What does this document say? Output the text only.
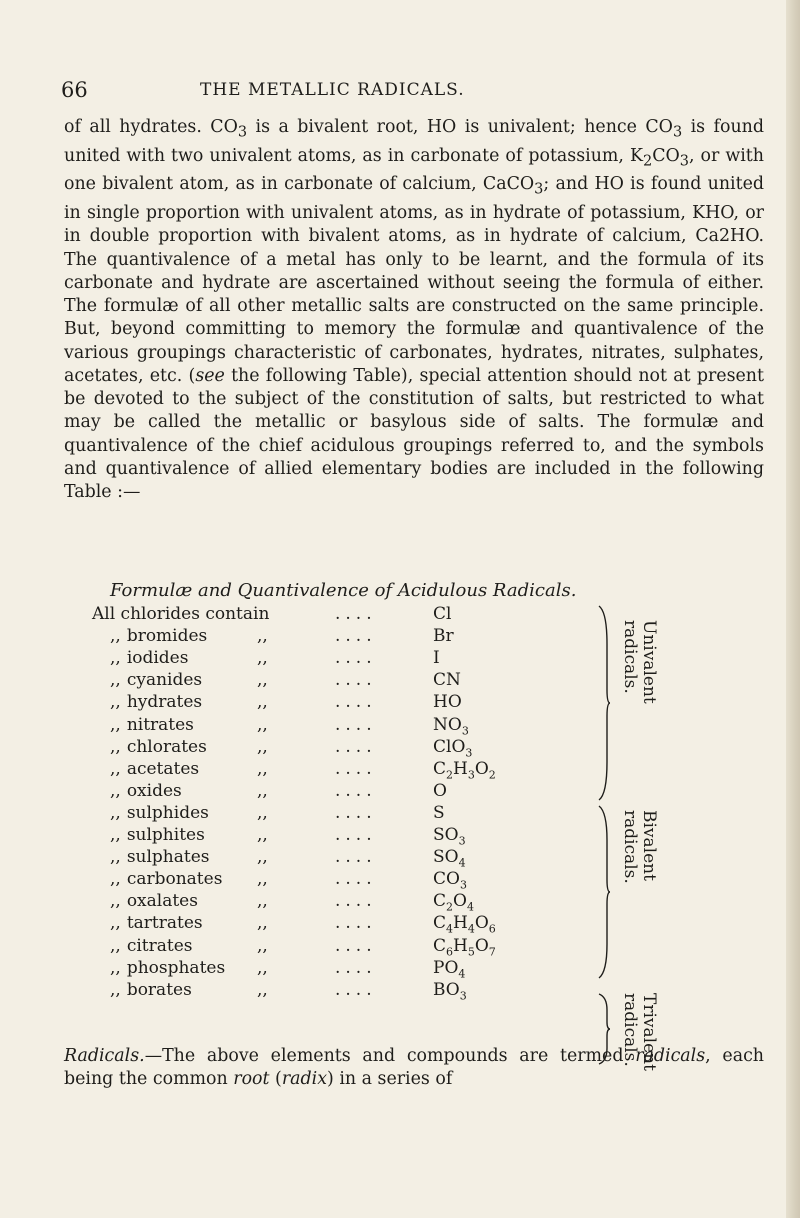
66	THE METALLIC RADICALS.

of all hydrates. $CO_3$ is a bivalent root, HO is univalent; hence $CO_3$ is found united with two univalent atoms, as in carbonate of potassium, $K_2CO_3$, or with one bivalent atom, as in carbonate of calcium, CaCO$_3$; and HO is found united in single proportion with univalent atoms, as in hydrate of potassium, KHO, or in double proportion with bivalent atoms, as in hydrate of calcium, Ca2HO. The quantivalence of a metal has only to be learnt, and the formula of its carbonate and hydrate are ascertained without seeing the formula of either. The formulæ of all other metallic salts are constructed on the same principle. But, beyond committing to memory the formulæ and quantivalence of the various groupings characteristic of carbonates, hydrates, nitrates, sulphates, acetates, etc. (see the following Table), special attention should not at present be devoted to the subject of the constitution of salts, but restricted to what may be called the metallic or basylous side of salts. The formulæ and quantivalence of the chief acidulous groupings referred to, and the symbols and quantivalence of allied elementary bodies are included in the following Table :—

Formulæ and Quantivalence of Acidulous Radicals.
All chlorides contain	....	Cl
,, bromides	,,	....	Br
,, iodides	,,	....	I
,, cyanides	,,	....	CN
,, hydrates	,,	....	HO
,, nitrates	,,	....	$NO_3$
,, chlorates	,,	....	ClO$_3$
,, acetates	,,	....	$C_2H_3O_2$
,, oxides	,,	....	O
,, sulphides	,,	....	S
,, sulphites	,,	....	$SO_3$
,, sulphates	,,	....	$SO_4$
,, carbonates ,,	....	$CO_3$
,, oxalates	,,	....	$C_2O_4$
,, tartrates	,,	....	$C_4H_4O_6$
,, citrates	,,	....	$C_6H_5O_7$
,, phosphates ,,	....	$PO_4$
,, borates	,,	....	$BO_3$
Univalent
radicals.
Bivalent
radicals.
Trivalent
radicals.

Radicals.—The above elements and compounds are termed radicals, each being the common root (radix) in a series of
